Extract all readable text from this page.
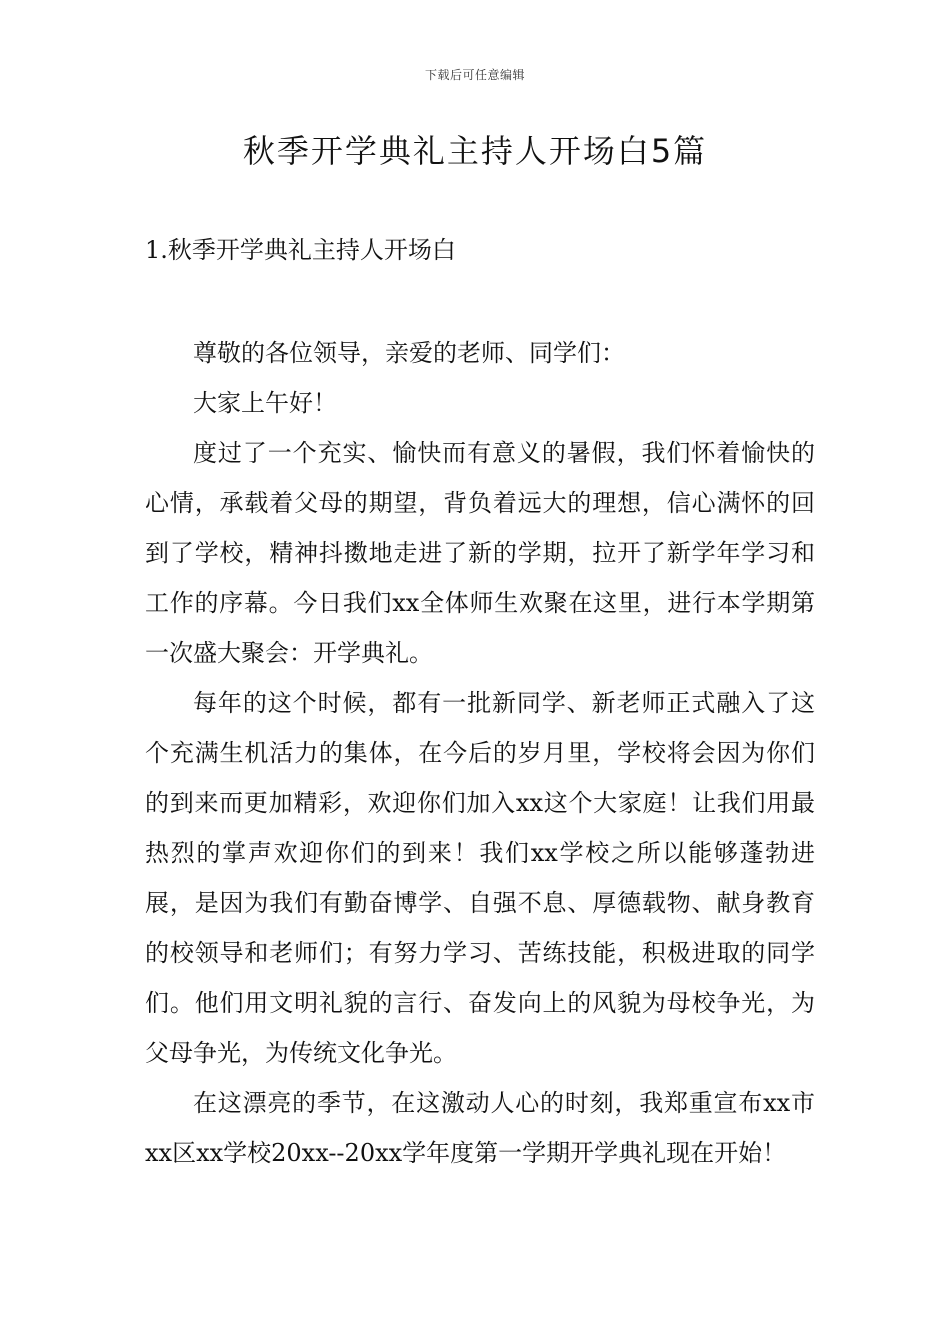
下载后可任意编辑
秋季开学典礼主持人开场白5篇
1.秋季开学典礼主持人开场白

尊敬的各位领导，亲爱的老师、同学们：

大家上午好！

度过了一个充实、愉快而有意义的暑假，我们怀着愉快的心情，承载着父母的期望，背负着远大的理想，信心满怀的回到了学校，精神抖擞地走进了新的学期，拉开了新学年学习和工作的序幕。今日我们xx全体师生欢聚在这里，进行本学期第一次盛大聚会：开学典礼。

每年的这个时候，都有一批新同学、新老师正式融入了这个充满生机活力的集体，在今后的岁月里，学校将会因为你们的到来而更加精彩，欢迎你们加入xx这个大家庭！让我们用最热烈的掌声欢迎你们的到来！我们xx学校之所以能够蓬勃进展，是因为我们有勤奋博学、自强不息、厚德载物、献身教育的校领导和老师们；有努力学习、苦练技能，积极进取的同学们。他们用文明礼貌的言行、奋发向上的风貌为母校争光，为父母争光，为传统文化争光。

在这漂亮的季节，在这激动人心的时刻，我郑重宣布xx市xx区xx学校20xx--20xx学年度第一学期开学典礼现在开始！
